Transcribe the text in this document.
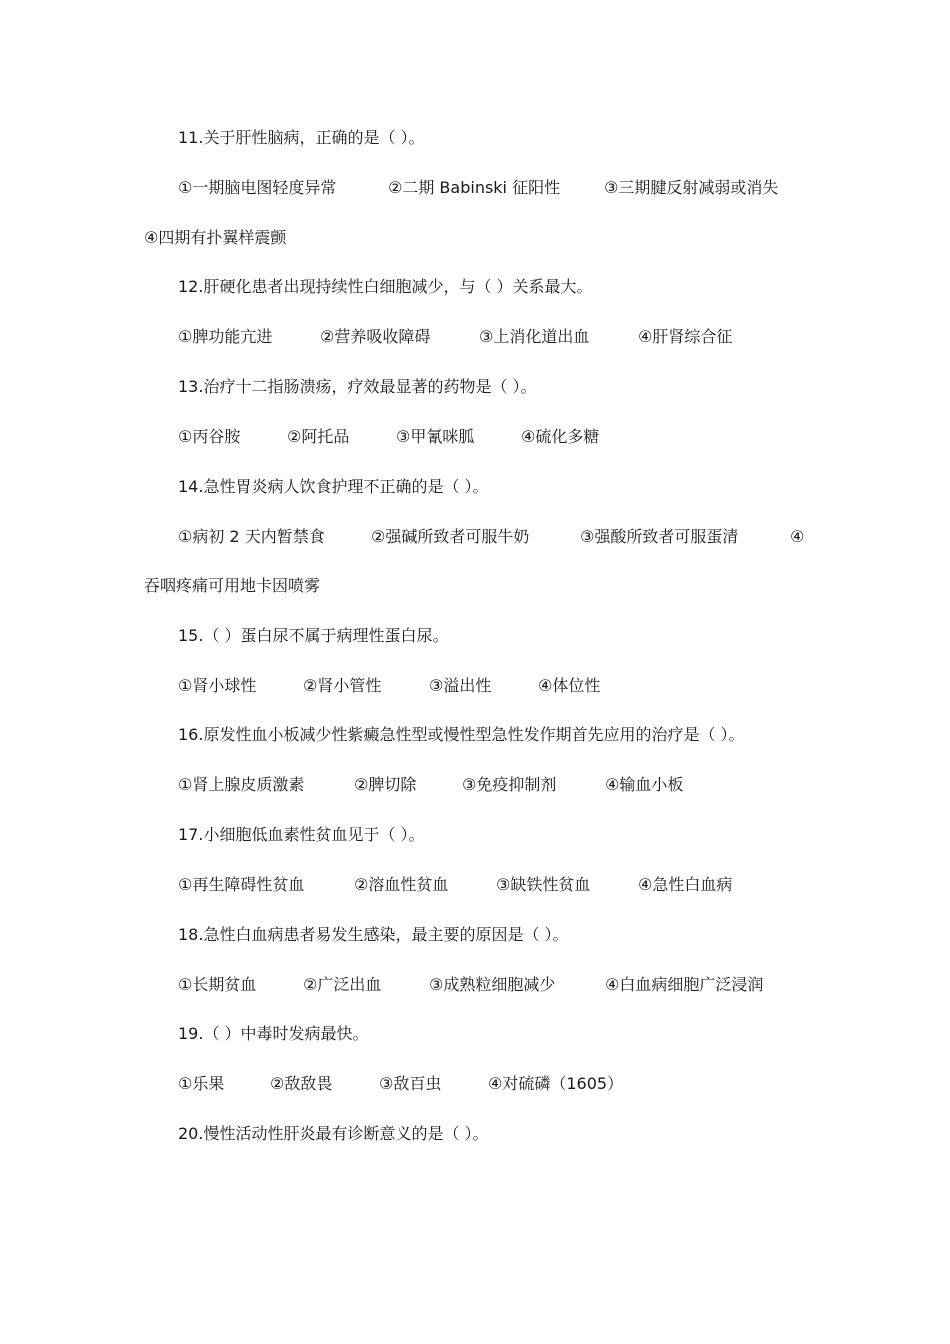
11.关于肝性脑病，正确的是（ ）。
①一期脑电图轻度异常	②二期 Babinski 征阳性	③三期腱反射减弱或消失
④四期有扑翼样震颤
12.肝硬化患者出现持续性白细胞减少，与（ ）关系最大。
①脾功能亢进	②营养吸收障碍	③上消化道出血	④肝肾综合征
13.治疗十二指肠溃疡，疗效最显著的药物是（ ）。
①丙谷胺	②阿托品	③甲氰咪胍	④硫化多糖
14.急性胃炎病人饮食护理不正确的是（ ）。
①病初 2 天内暂禁食	②强碱所致者可服牛奶	③强酸所致者可服蛋清	④
吞咽疼痛可用地卡因喷雾
15.（ ）蛋白尿不属于病理性蛋白尿。
①肾小球性	②肾小管性	③溢出性	④体位性
16.原发性血小板减少性紫癜急性型或慢性型急性发作期首先应用的治疗是（ ）。
①肾上腺皮质激素	②脾切除	③免疫抑制剂	④输血小板
17.小细胞低血素性贫血见于（ ）。
①再生障碍性贫血	②溶血性贫血	③缺铁性贫血	④急性白血病
18.急性白血病患者易发生感染，最主要的原因是（ ）。
①长期贫血	②广泛出血	③成熟粒细胞减少	④白血病细胞广泛浸润
19.（ ）中毒时发病最快。
①乐果	②敌敌畏	③敌百虫	④对硫磷（1605）
20.慢性活动性肝炎最有诊断意义的是（ ）。
